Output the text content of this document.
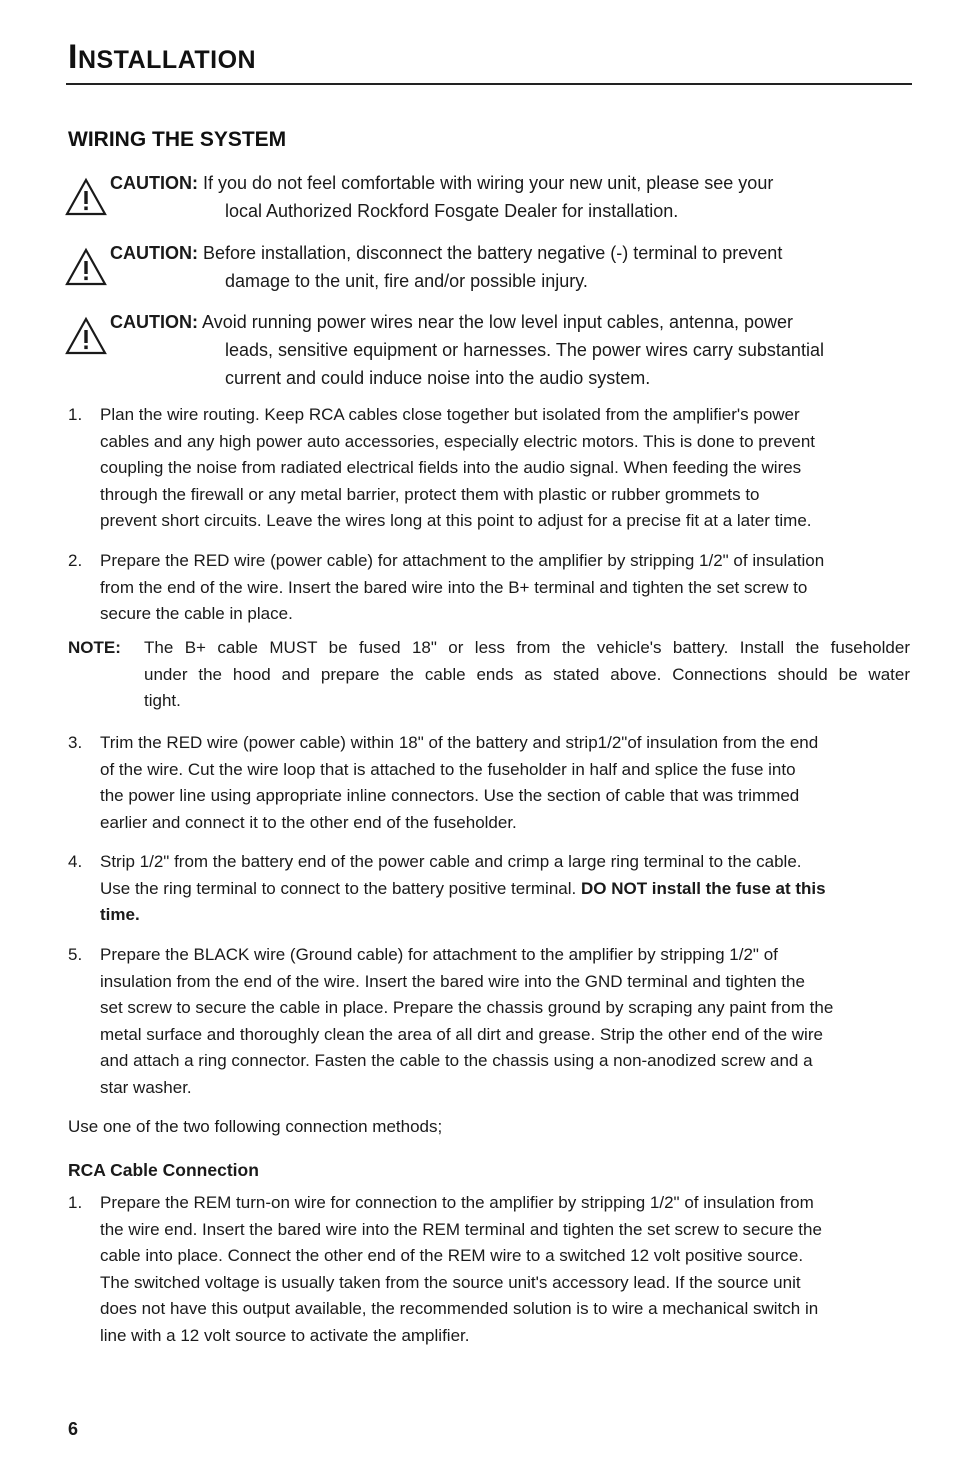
INSTALLATION
WIRING THE SYSTEM
CAUTION: If you do not feel comfortable with wiring your new unit, please see your
local Authorized Rockford Fosgate Dealer for installation.
CAUTION: Before installation, disconnect the battery negative (-) terminal to prevent
damage to the unit, fire and/or possible injury.
CAUTION: Avoid running power wires near the low level input cables, antenna, power
leads, sensitive equipment or harnesses. The power wires carry substantial
current and could induce noise into the audio system.
1. Plan the wire routing. Keep RCA cables close together but isolated from the amplifier's power
cables and any high power auto accessories, especially electric motors. This is done to prevent
coupling the noise from radiated electrical fields into the audio signal. When feeding the wires
through the firewall or any metal barrier, protect them with plastic or rubber grommets to
prevent short circuits. Leave the wires long at this point to adjust for a precise fit at a later time.
2. Prepare the RED wire (power cable) for attachment to the amplifier by stripping 1/2" of insulation
from the end of the wire. Insert the bared wire into the B+ terminal and tighten the set screw to
secure the cable in place.
NOTE: The B+ cable MUST be fused 18" or less from the vehicle's battery. Install the fuseholder
under the hood and prepare the cable ends as stated above. Connections should be water
tight.
3. Trim the RED wire (power cable) within 18" of the battery and strip1/2"of insulation from the end
of the wire. Cut the wire loop that is attached to the fuseholder in half and splice the fuse into
the power line using appropriate inline connectors. Use the section of cable that was trimmed
earlier and connect it to the other end of the fuseholder.
4. Strip 1/2" from the battery end of the power cable and crimp a large ring terminal to the cable.
Use the ring terminal to connect to the battery positive terminal. DO NOT install the fuse at this
time.
5. Prepare the BLACK wire (Ground cable) for attachment to the amplifier by stripping 1/2" of
insulation from the end of the wire. Insert the bared wire into the GND terminal and tighten the
set screw to secure the cable in place. Prepare the chassis ground by scraping any paint from the
metal surface and thoroughly clean the area of all dirt and grease. Strip the other end of the wire
and attach a ring connector. Fasten the cable to the chassis using a non-anodized screw and a
star washer.
Use one of the two following connection methods;
RCA Cable Connection
1. Prepare the REM turn-on wire for connection to the amplifier by stripping 1/2" of insulation from
the wire end. Insert the bared wire into the REM terminal and tighten the set screw to secure the
cable into place. Connect the other end of the REM wire to a switched 12 volt positive source.
The switched voltage is usually taken from the source unit's accessory lead. If the source unit
does not have this output available, the recommended solution is to wire a mechanical switch in
line with a 12 volt source to activate the amplifier.
6
